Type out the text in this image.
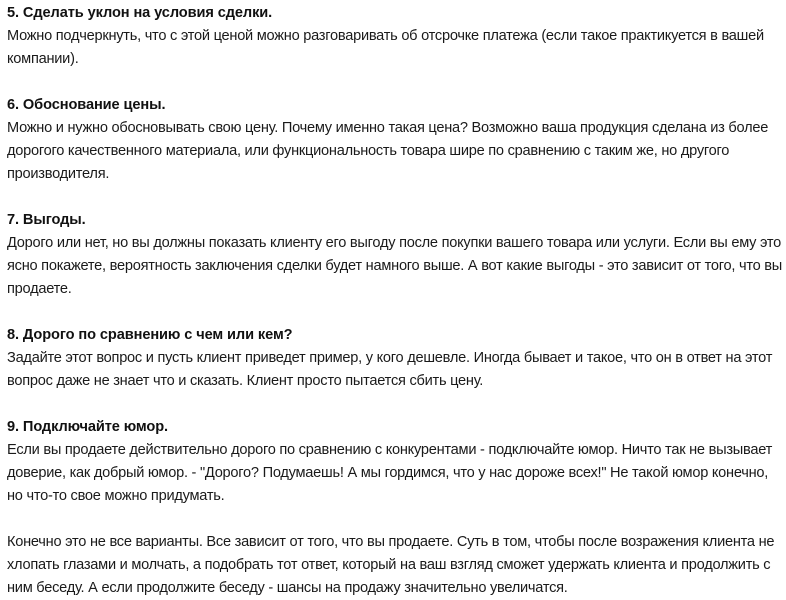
5. Сделать уклон на условия сделки.
Можно подчеркнуть, что с этой ценой можно разговаривать об отсрочке платежа (если такое практикуется в вашей компании).
6. Обоснование цены.
Можно и нужно обосновывать свою цену. Почему именно такая цена? Возможно ваша продукция сделана из более дорогого качественного материала, или функциональность товара шире по сравнению с таким же, но другого производителя.
7. Выгоды.
Дорого или нет, но вы должны показать клиенту его выгоду после покупки вашего товара или услуги. Если вы ему это ясно покажете, вероятность заключения сделки будет намного выше. А вот какие выгоды - это зависит от того, что вы продаете.
8. Дорого по сравнению с чем или кем?
Задайте этот вопрос и пусть клиент приведет пример, у кого дешевле. Иногда бывает и такое, что он в ответ на этот вопрос даже не знает что и сказать. Клиент просто пытается сбить цену.
9. Подключайте юмор.
Если вы продаете действительно дорого по сравнению с конкурентами - подключайте юмор. Ничто так не вызывает доверие, как добрый юмор. - "Дорого? Подумаешь! А мы гордимся, что у нас дороже всех!" Не такой юмор конечно, но что-то свое можно придумать.

Конечно это не все варианты. Все зависит от того, что вы продаете. Суть в том, чтобы после возражения клиента не хлопать глазами и молчать, а подобрать тот ответ, который на ваш взгляд сможет удержать клиента и продолжить с ним беседу. А если продолжите беседу - шансы на продажу значительно увеличатся.
